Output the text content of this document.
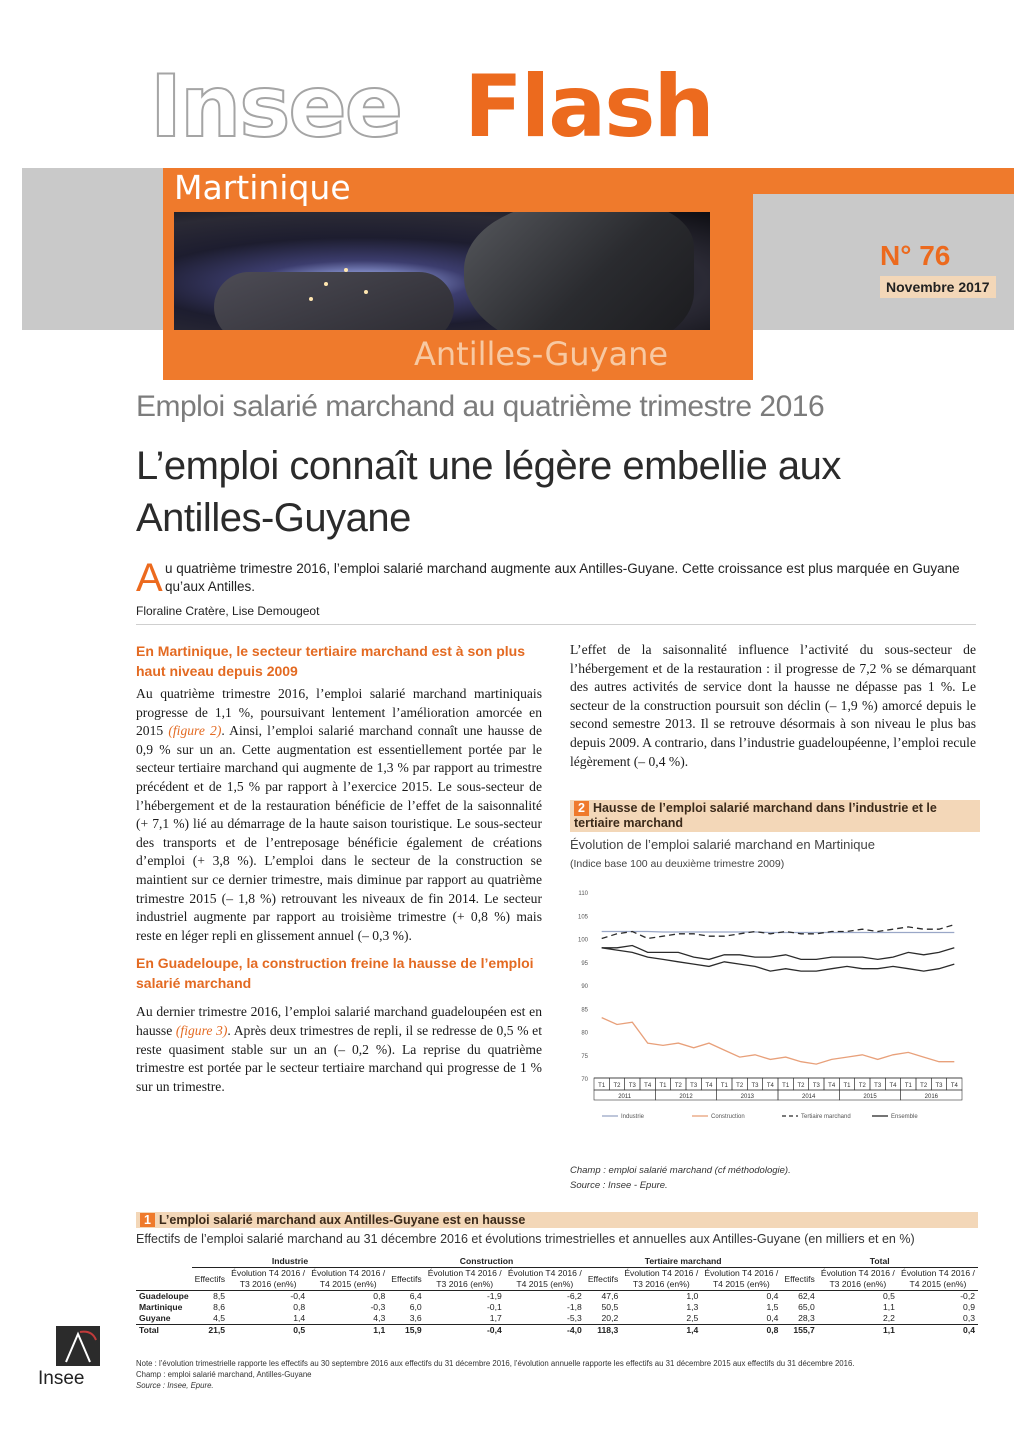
Insee Flash
Martinique
Antilles-Guyane
N° 76
Novembre 2017
Emploi salarié marchand au quatrième trimestre 2016
L’emploi connaît une légère embellie aux Antilles-Guyane
A u quatrième trimestre 2016, l’emploi salarié marchand augmente aux Antilles-Guyane. Cette croissance est plus marquée en Guyane qu’aux Antilles.
Floraline Cratère, Lise Demougeot
En Martinique, le secteur tertiaire marchand est à son plus haut niveau depuis 2009

Au quatrième trimestre 2016, l’emploi salarié marchand martiniquais progresse de 1,1 %, poursuivant lentement l’amélioration amorcée en 2015 (figure 2). Ainsi, l’emploi salarié marchand connaît une hausse de 0,9 % sur un an. Cette augmentation est essentiellement portée par le secteur tertiaire marchand qui augmente de 1,3 % par rapport au trimestre précédent et de 1,5 % par rapport à l’exercice 2015. Le sous-secteur de l’hébergement et de la restauration bénéficie de l’effet de la saisonnalité (+ 7,1 %) lié au démarrage de la haute saison touristique. Le sous-secteur des transports et de l’entreposage bénéficie également de créations d’emploi (+ 3,8 %). L’emploi dans le secteur de la construction se maintient sur ce dernier trimestre, mais diminue par rapport au quatrième trimestre 2015 (– 1,8 %) retrouvant les niveaux de fin 2014. Le secteur industriel augmente par rapport au troisième trimestre (+ 0,8 %) mais reste en léger repli en glissement annuel (– 0,3 %).

En Guadeloupe, la construction freine la hausse de l’emploi salarié marchand

Au dernier trimestre 2016, l’emploi salarié marchand guadeloupéen est en hausse (figure 3). Après deux trimestres de repli, il se redresse de 0,5 % et reste quasiment stable sur un an (– 0,2 %). La reprise du quatrième trimestre est portée par le secteur tertiaire marchand qui progresse de 1 % sur un trimestre.

L’effet de la saisonnalité influence l’activité du sous-secteur de l’hébergement et de la restauration : il progresse de 7,2 % se démarquant des autres activités de service dont la hausse ne dépasse pas 1 %. Le secteur de la construction poursuit son déclin (– 1,9 %) amorcé depuis le second semestre 2013. Il se retrouve désormais à son niveau le plus bas depuis 2009. A contrario, dans l’industrie guadeloupéenne, l’emploi recule légèrement (– 0,4 %).

2 Hausse de l’emploi salarié marchand dans l’industrie et le tertiaire marchand
Évolution de l’emploi salarié marchand en Martinique
(Indice base 100 au deuxième trimestre 2009)
110
105
100
95
90
85
80
75
70
T1 T2 T3 T4 T1 T2 T3 T4 T1 T2 T3 T4 T1 T2 T3 T4 T1 T2 T3 T4 T1 T2 T3 T4
2011	2012	2013	2014	2015	2016
Industrie	Construction	Tertiaire marchand	Ensemble
Champ : emploi salarié marchand (cf méthodologie).
Source : Insee - Epure.
1 L’emploi salarié marchand aux Antilles-Guyane est en hausse
Effectifs de l’emploi salarié marchand au 31 décembre 2016 et évolutions trimestrielles et annuelles aux Antilles-Guyane (en milliers et en %)
	Industrie			Construction			Tertiaire marchand			Total		
	Effectifs	Évolution T4 2016 / T3 2016 (en%)	Évolution T4 2016 / T4 2015 (en%)	Effectifs	Évolution T4 2016 / T3 2016 (en%)	Évolution T4 2016 / T4 2015 (en%)	Effectifs	Évolution T4 2016 / T3 2016 (en%)	Évolution T4 2016 / T4 2015 (en%)	Effectifs	Évolution T4 2016 / T3 2016 (en%)	Évolution T4 2016 / T4 2015 (en%)
Guadeloupe	8,5	-0,4	0,8	6,4	-1,9	-6,2	47,6	1,0	0,4	62,4	0,5	-0,2
Martinique	8,6	0,8	-0,3	6,0	-0,1	-1,8	50,5	1,3	1,5	65,0	1,1	0,9
Guyane	4,5	1,4	4,3	3,6	1,7	-5,3	20,2	2,5	0,4	28,3	2,2	0,3
Total	21,5	0,5	1,1	15,9	-0,4	-4,0	118,3	1,4	0,8	155,7	1,1	0,4
Note : l’évolution trimestrielle rapporte les effectifs au 30 septembre 2016 aux effectifs du 31 décembre 2016, l’évolution annuelle rapporte les effectifs au 31 décembre 2015 aux effectifs du 31 décembre 2016.
Champ : emploi salarié marchand, Antilles-Guyane
Source : Insee, Epure.
Insee
